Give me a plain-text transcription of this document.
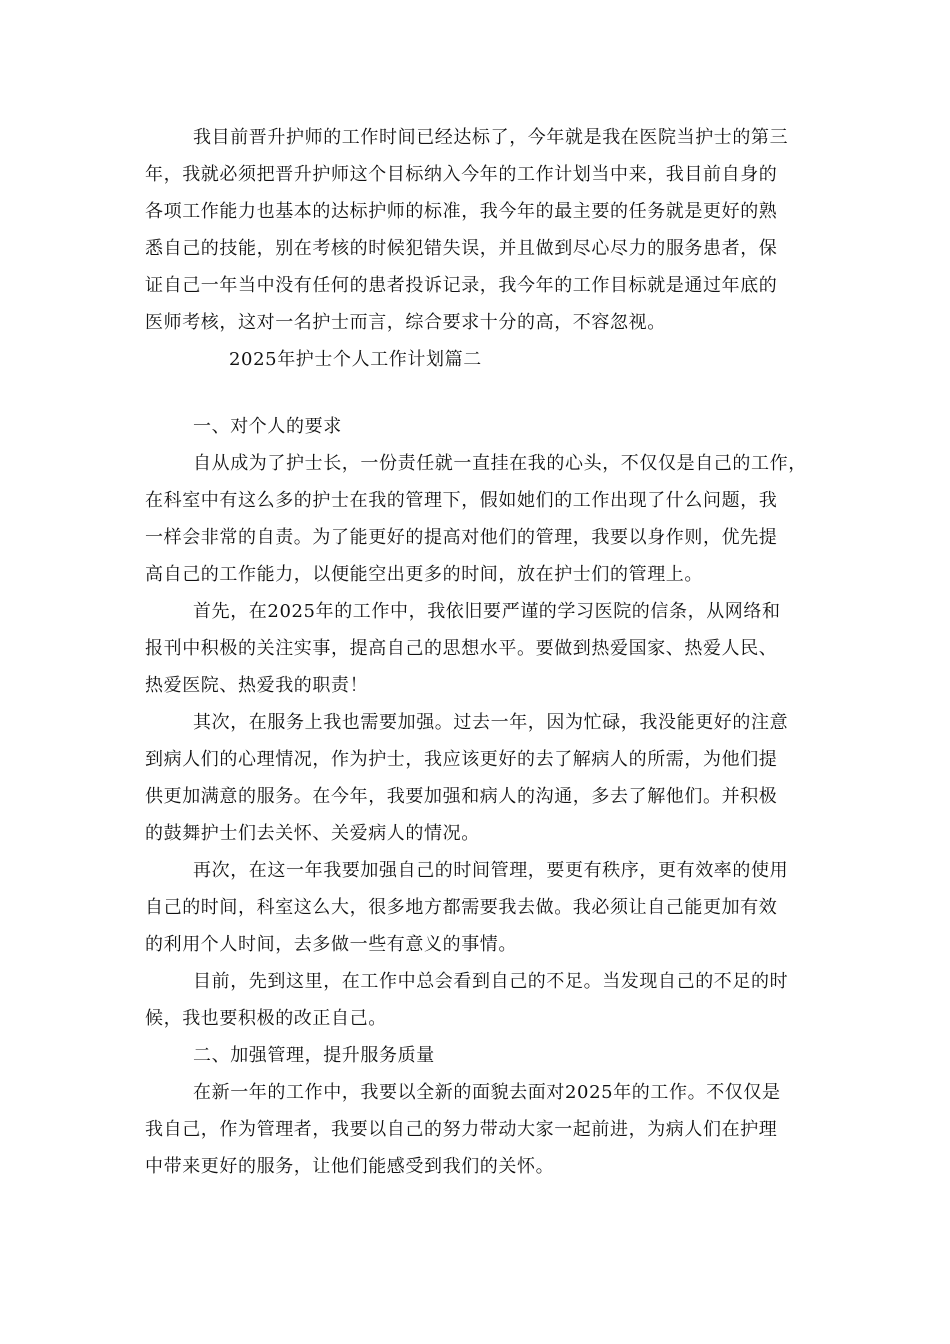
我目前晋升护师的工作时间已经达标了，今年就是我在医院当护士的第三
年，我就必须把晋升护师这个目标纳入今年的工作计划当中来，我目前自身的
各项工作能力也基本的达标护师的标准，我今年的最主要的任务就是更好的熟
悉自己的技能，别在考核的时候犯错失误，并且做到尽心尽力的服务患者，保
证自己一年当中没有任何的患者投诉记录，我今年的工作目标就是通过年底的
医师考核，这对一名护士而言，综合要求十分的高，不容忽视。
2025年护士个人工作计划篇二
一、对个人的要求
自从成为了护士长，一份责任就一直挂在我的心头，不仅仅是自己的工作，
在科室中有这么多的护士在我的管理下，假如她们的工作出现了什么问题，我
一样会非常的自责。为了能更好的提高对他们的管理，我要以身作则，优先提
高自己的工作能力，以便能空出更多的时间，放在护士们的管理上。
首先，在2025年的工作中，我依旧要严谨的学习医院的信条，从网络和
报刊中积极的关注实事，提高自己的思想水平。要做到热爱国家、热爱人民、
热爱医院、热爱我的职责！
其次，在服务上我也需要加强。过去一年，因为忙碌，我没能更好的注意
到病人们的心理情况，作为护士，我应该更好的去了解病人的所需，为他们提
供更加满意的服务。在今年，我要加强和病人的沟通，多去了解他们。并积极
的鼓舞护士们去关怀、关爱病人的情况。
再次，在这一年我要加强自己的时间管理，要更有秩序，更有效率的使用
自己的时间，科室这么大，很多地方都需要我去做。我必须让自己能更加有效
的利用个人时间，去多做一些有意义的事情。
目前，先到这里，在工作中总会看到自己的不足。当发现自己的不足的时
候，我也要积极的改正自己。
二、加强管理，提升服务质量
在新一年的工作中，我要以全新的面貌去面对2025年的工作。不仅仅是
我自己，作为管理者，我要以自己的努力带动大家一起前进，为病人们在护理
中带来更好的服务，让他们能感受到我们的关怀。
